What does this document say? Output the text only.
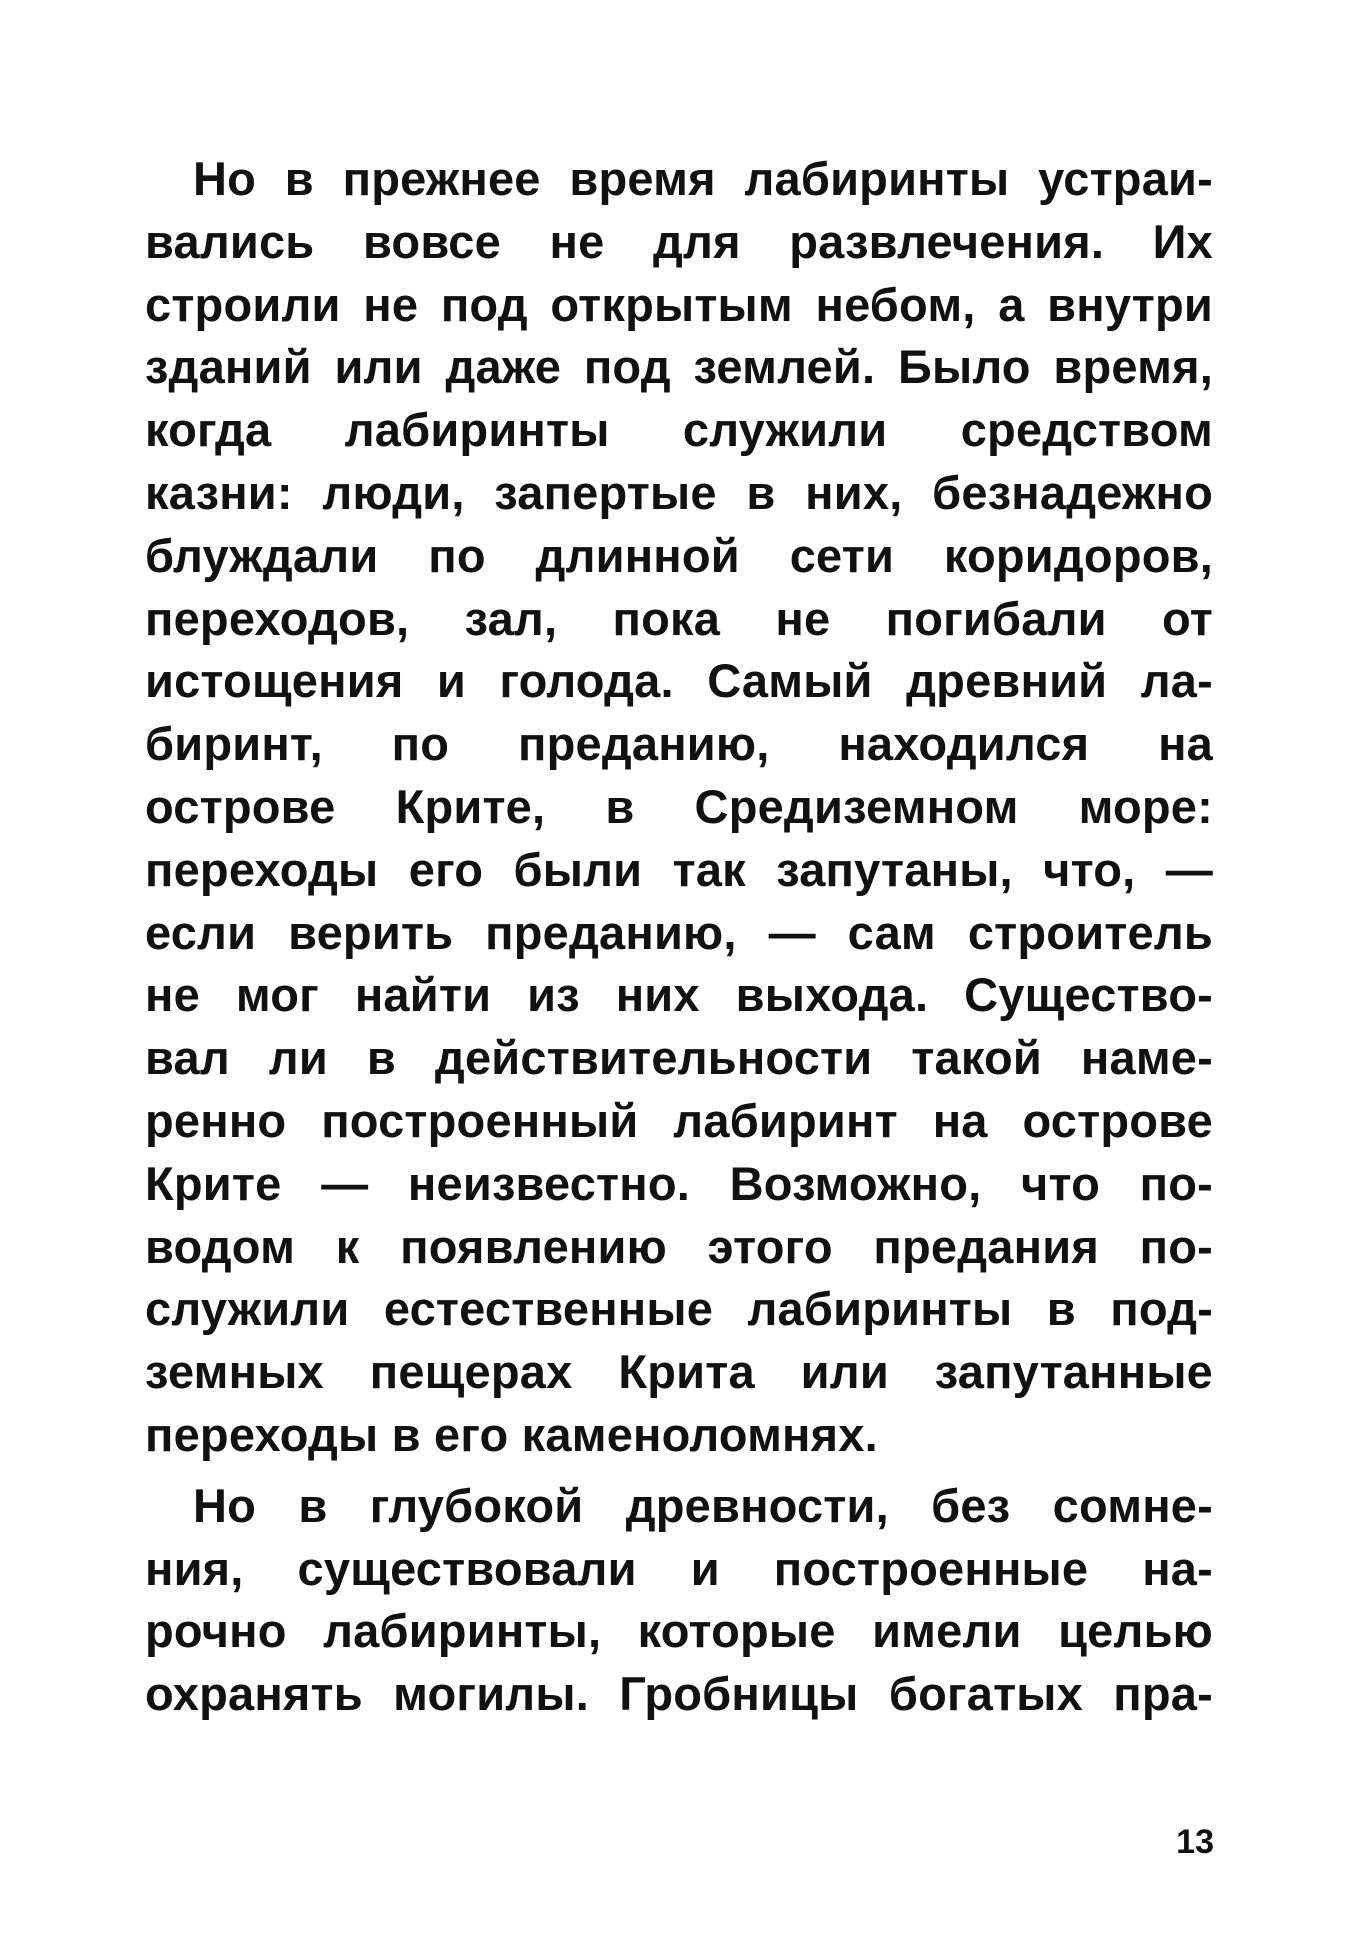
Но в прежнее время лабиринты устраи-
вались вовсе не для развлечения. Их
строили не под открытым небом, а внутри
зданий или даже под землей. Было время,
когда лабиринты служили средством
казни: люди, запертые в них, безнадежно
блуждали по длинной сети коридоров,
переходов, зал, пока не погибали от
истощения и голода. Самый древний ла-
биринт, по преданию, находился на
острове Крите, в Средиземном море:
переходы его были так запутаны, что, —
если верить преданию, — сам строитель
не мог найти из них выхода. Существо-
вал ли в действительности такой наме-
ренно построенный лабиринт на острове
Крите — неизвестно. Возможно, что по-
водом к появлению этого предания по-
служили естественные лабиринты в под-
земных пещерах Крита или запутанные
переходы в его каменоломнях.

Но в глубокой древности, без сомне-
ния, существовали и построенные на-
рочно лабиринты, которые имели целью
охранять могилы. Гробницы богатых пра-

13
